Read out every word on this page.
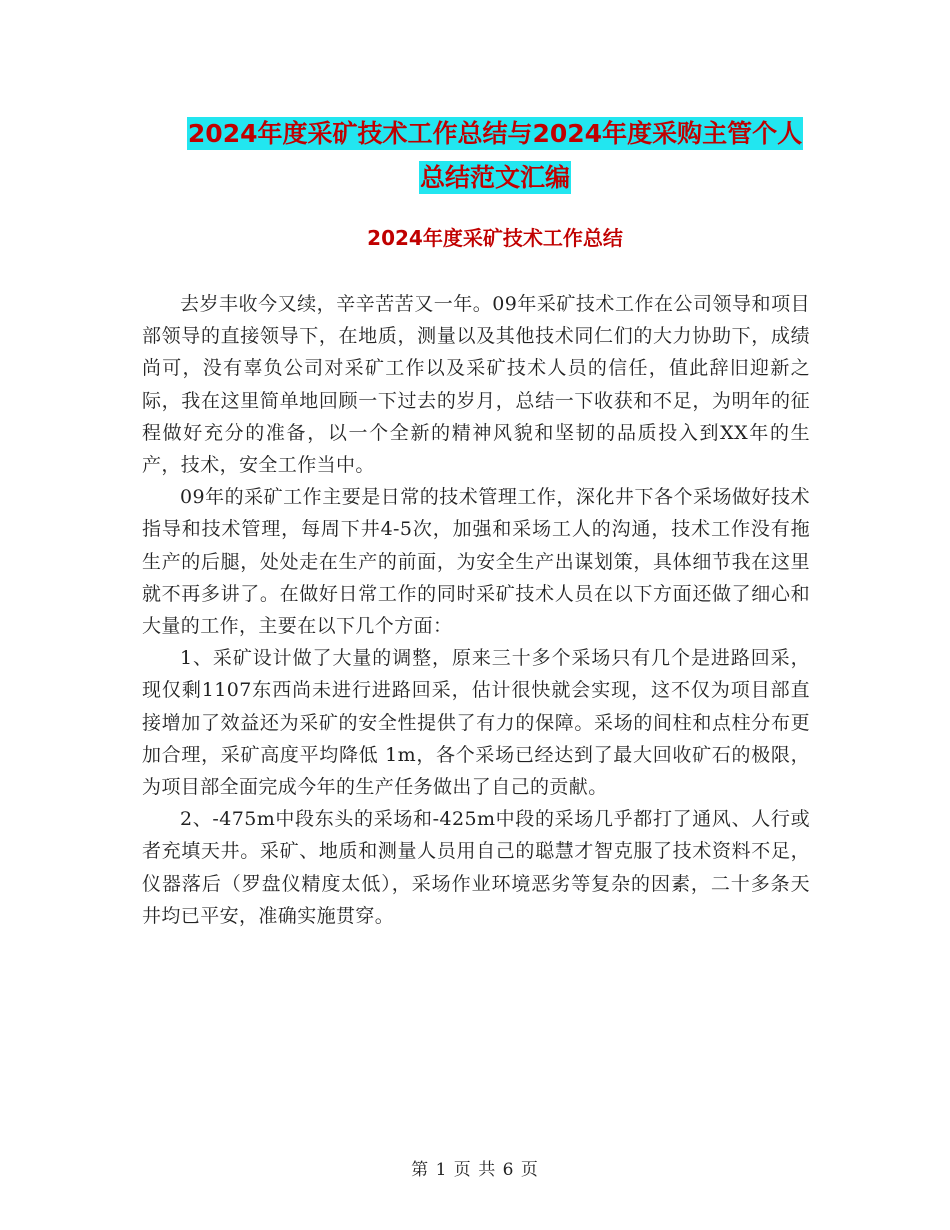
2024年度采矿技术工作总结与2024年度采购主管个人
总结范文汇编
2024年度采矿技术工作总结

去岁丰收今又续，辛辛苦苦又一年。09年采矿技术工作在公司领导和项目部领导的直接领导下，在地质，测量以及其他技术同仁们的大力协助下，成绩尚可，没有辜负公司对采矿工作以及采矿技术人员的信任，值此辞旧迎新之际，我在这里简单地回顾一下过去的岁月，总结一下收获和不足，为明年的征程做好充分的准备，以一个全新的精神风貌和坚韧的品质投入到XX年的生产，技术，安全工作当中。

09年的采矿工作主要是日常的技术管理工作，深化井下各个采场做好技术指导和技术管理，每周下井4-5次，加强和采场工人的沟通，技术工作没有拖生产的后腿，处处走在生产的前面，为安全生产出谋划策，具体细节我在这里就不再多讲了。在做好日常工作的同时采矿技术人员在以下方面还做了细心和大量的工作，主要在以下几个方面：

1、采矿设计做了大量的调整，原来三十多个采场只有几个是进路回采，现仅剩1107东西尚未进行进路回采，估计很快就会实现，这不仅为项目部直接增加了效益还为采矿的安全性提供了有力的保障。采场的间柱和点柱分布更加合理，采矿高度平均降低 1m，各个采场已经达到了最大回收矿石的极限，为项目部全面完成今年的生产任务做出了自己的贡献。

2、-475m中段东头的采场和-425m中段的采场几乎都打了通风、人行或者充填天井。采矿、地质和测量人员用自己的聪慧才智克服了技术资料不足，仪器落后（罗盘仪精度太低），采场作业环境恶劣等复杂的因素，二十多条天井均已平安，准确实施贯穿。

第 1 页 共 6 页
